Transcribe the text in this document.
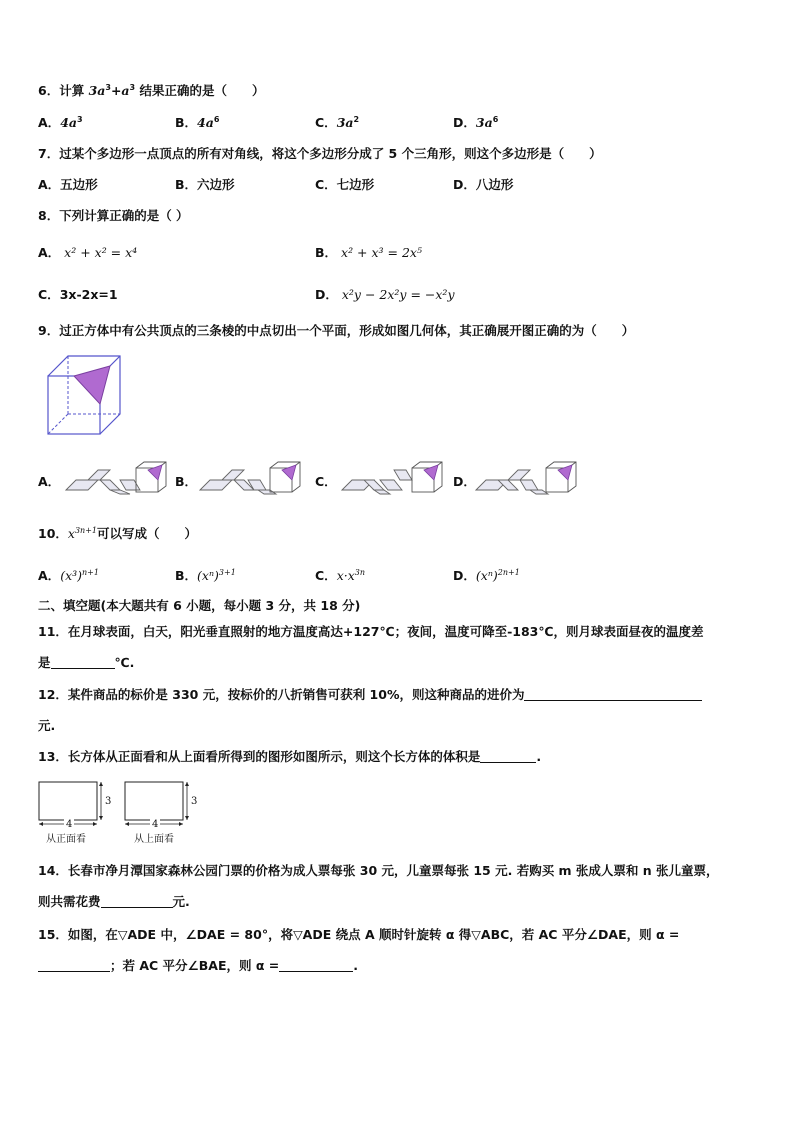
6．计算 $3a^3+a^3$ 结果正确的是（　　）
A．$4a^3$	B．$4a^6$	C．$3a^2$	D．$3a^6$
7．过某个多边形一点顶点的所有对角线，将这个多边形分成了 5 个三角形，则这个多边形是（　　）
A．五边形	B．六边形	C．七边形	D．八边形
8．下列计算正确的是（ ）
A． x² + x² = x⁴	B． x² + x³ = 2x⁵
C．3x-2x=1	D． x²y − 2x²y = −x²y
9．过正方体中有公共顶点的三条棱的中点切出一个平面，形成如图几何体，其正确展开图正确的为（　　）
A．	B．	C．	D．
10．$x^{3n+1}$可以写成（　　）
A．$(x^3)^{n+1}$	B．$(x^n)^{3+1}$	C．$x\cdot x^{3n}$	D．$(x^n)^{2n+1}$
二、填空题(本大题共有 6 小题，每小题 3 分，共 18 分)
11．在月球表面，白天，阳光垂直照射的地方温度高达+127℃；夜间，温度可降至-183℃，则月球表面昼夜的温度差
是	℃.
12．某件商品的标价是 330 元，按标价的八折销售可获利 10%，则这种商品的进价为
元.
13．长方体从正面看和从上面看所得到的图形如图所示，则这个长方体的体积是	.
3
4
从正面看
3
4
从上面看
14．长春市净月潭国家森林公园门票的价格为成人票每张 30 元，儿童票每张 15 元. 若购买 m 张成人票和 n 张儿童票，
则共需花费	元.
15．如图，在▽ADE 中，∠DAE = 80°，将▽ADE 绕点 A 顺时针旋转 α 得▽ABC，若 AC 平分∠DAE，则 α =
；若 AC 平分∠BAE，则 α =	.
